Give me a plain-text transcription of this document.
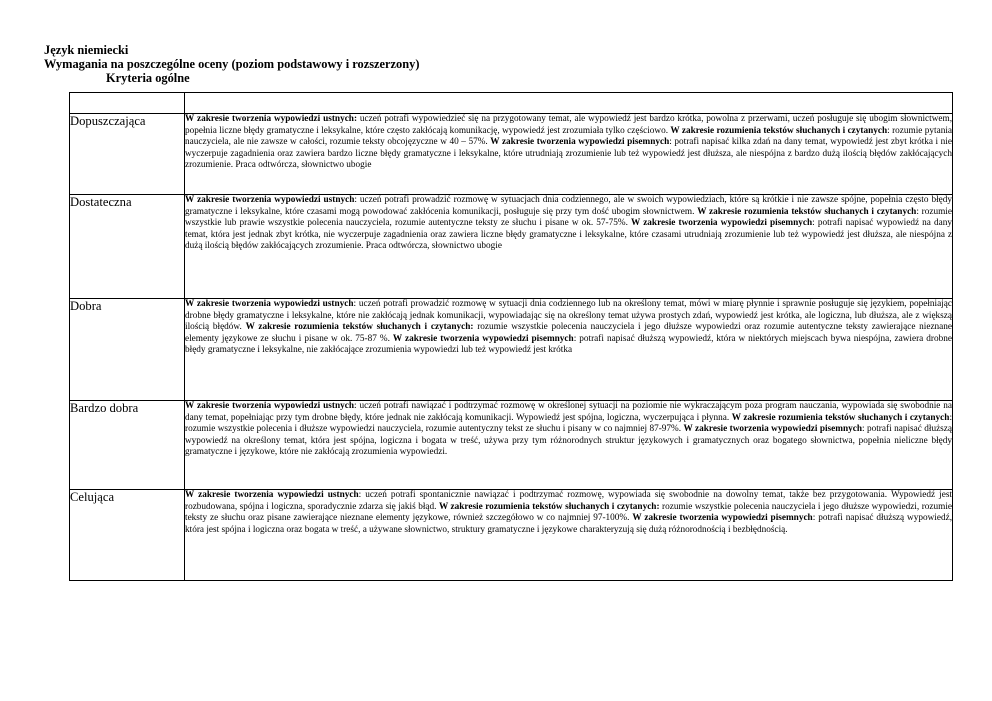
Język niemiecki
Wymagania na poszczególne oceny (poziom podstawowy i rozszerzony)
Kryteria ogólne

Dopuszczająca	W zakresie tworzenia wypowiedzi ustnych: uczeń potrafi wypowiedzieć się na przygotowany temat, ale wypowiedź jest bardzo krótka, powolna z przerwami, uczeń posługuje się ubogim słownictwem, popełnia liczne błędy gramatyczne i leksykalne, które często zakłócają komunikację, wypowiedź jest zrozumiała tylko częściowo. W zakresie rozumienia tekstów słuchanych i czytanych: rozumie pytania nauczyciela, ale nie zawsze w całości, rozumie teksty obcojęzyczne w 40 – 57%. W zakresie tworzenia wypowiedzi pisemnych: potrafi napisać kilka zdań na dany temat, wypowiedź jest zbyt krótka i nie wyczerpuje zagadnienia oraz zawiera bardzo liczne błędy gramatyczne i leksykalne, które utrudniają zrozumienie lub też wypowiedź jest dłuższa, ale niespójna z bardzo dużą ilością błędów zakłócających zrozumienie. Praca odtwórcza, słownictwo ubogie
Dostateczna	W zakresie tworzenia wypowiedzi ustnych: uczeń potrafi prowadzić rozmowę w sytuacjach dnia codziennego, ale w swoich wypowiedziach, które są krótkie i nie zawsze spójne, popełnia często błędy gramatyczne i leksykalne, które czasami mogą powodować zakłócenia komunikacji, posługuje się przy tym dość ubogim słownictwem. W zakresie rozumienia tekstów słuchanych i czytanych: rozumie wszystkie lub prawie wszystkie polecenia nauczyciela, rozumie autentyczne teksty ze słuchu i pisane w ok. 57-75%. W zakresie tworzenia wypowiedzi pisemnych: potrafi napisać wypowiedź na dany temat, która jest jednak zbyt krótka, nie wyczerpuje zagadnienia oraz zawiera liczne błędy gramatyczne i leksykalne, które czasami utrudniają zrozumienie lub też wypowiedź jest dłuższa, ale niespójna z dużą ilością błędów zakłócających zrozumienie. Praca odtwórcza, słownictwo ubogie
Dobra	W zakresie tworzenia wypowiedzi ustnych: uczeń potrafi prowadzić rozmowę w sytuacji dnia codziennego lub na określony temat, mówi w miarę płynnie i sprawnie posługuje się językiem, popełniając drobne błędy gramatyczne i leksykalne, które nie zakłócają jednak komunikacji, wypowiadając się na określony temat używa prostych zdań, wypowiedź jest krótka, ale logiczna, lub dłuższa, ale z większą ilością błędów. W zakresie rozumienia tekstów słuchanych i czytanych: rozumie wszystkie polecenia nauczyciela i jego dłuższe wypowiedzi oraz rozumie autentyczne teksty zawierające nieznane elementy językowe ze słuchu i pisane w ok. 75-87 %. W zakresie tworzenia wypowiedzi pisemnych: potrafi napisać dłuższą wypowiedź, która w niektórych miejscach bywa niespójna, zawiera drobne błędy gramatyczne i leksykalne, nie zakłócające zrozumienia wypowiedzi lub też wypowiedź jest krótka
Bardzo dobra	W zakresie tworzenia wypowiedzi ustnych: uczeń potrafi nawiązać i podtrzymać rozmowę w określonej sytuacji na poziomie nie wykraczającym poza program nauczania, wypowiada się swobodnie na dany temat, popełniając przy tym drobne błędy, które jednak nie zakłócają komunikacji. Wypowiedź jest spójna, logiczna, wyczerpująca i płynna. W zakresie rozumienia tekstów słuchanych i czytanych: rozumie wszystkie polecenia i dłuższe wypowiedzi nauczyciela, rozumie autentyczny tekst ze słuchu i pisany w co najmniej 87-97%. W zakresie tworzenia wypowiedzi pisemnych: potrafi napisać dłuższą wypowiedź na określony temat, która jest spójna, logiczna i bogata w treść, używa przy tym różnorodnych struktur językowych i gramatycznych oraz bogatego słownictwa, popełnia nieliczne błędy gramatyczne i językowe, które nie zakłócają zrozumienia wypowiedzi.
Celująca	W zakresie tworzenia wypowiedzi ustnych: uczeń potrafi spontanicznie nawiązać i podtrzymać rozmowę, wypowiada się swobodnie na dowolny temat, także bez przygotowania. Wypowiedź jest rozbudowana, spójna i logiczna, sporadycznie zdarza się jakiś błąd. W zakresie rozumienia tekstów słuchanych i czytanych: rozumie wszystkie polecenia nauczyciela i jego dłuższe wypowiedzi, rozumie teksty ze słuchu oraz pisane zawierające nieznane elementy językowe, również szczegółowo w co najmniej 97-100%. W zakresie tworzenia wypowiedzi pisemnych: potrafi napisać dłuższą wypowiedź, która jest spójna i logiczna oraz bogata w treść, a używane słownictwo, struktury gramatyczne i językowe charakteryzują się dużą różnorodnością i bezbłędnością.
